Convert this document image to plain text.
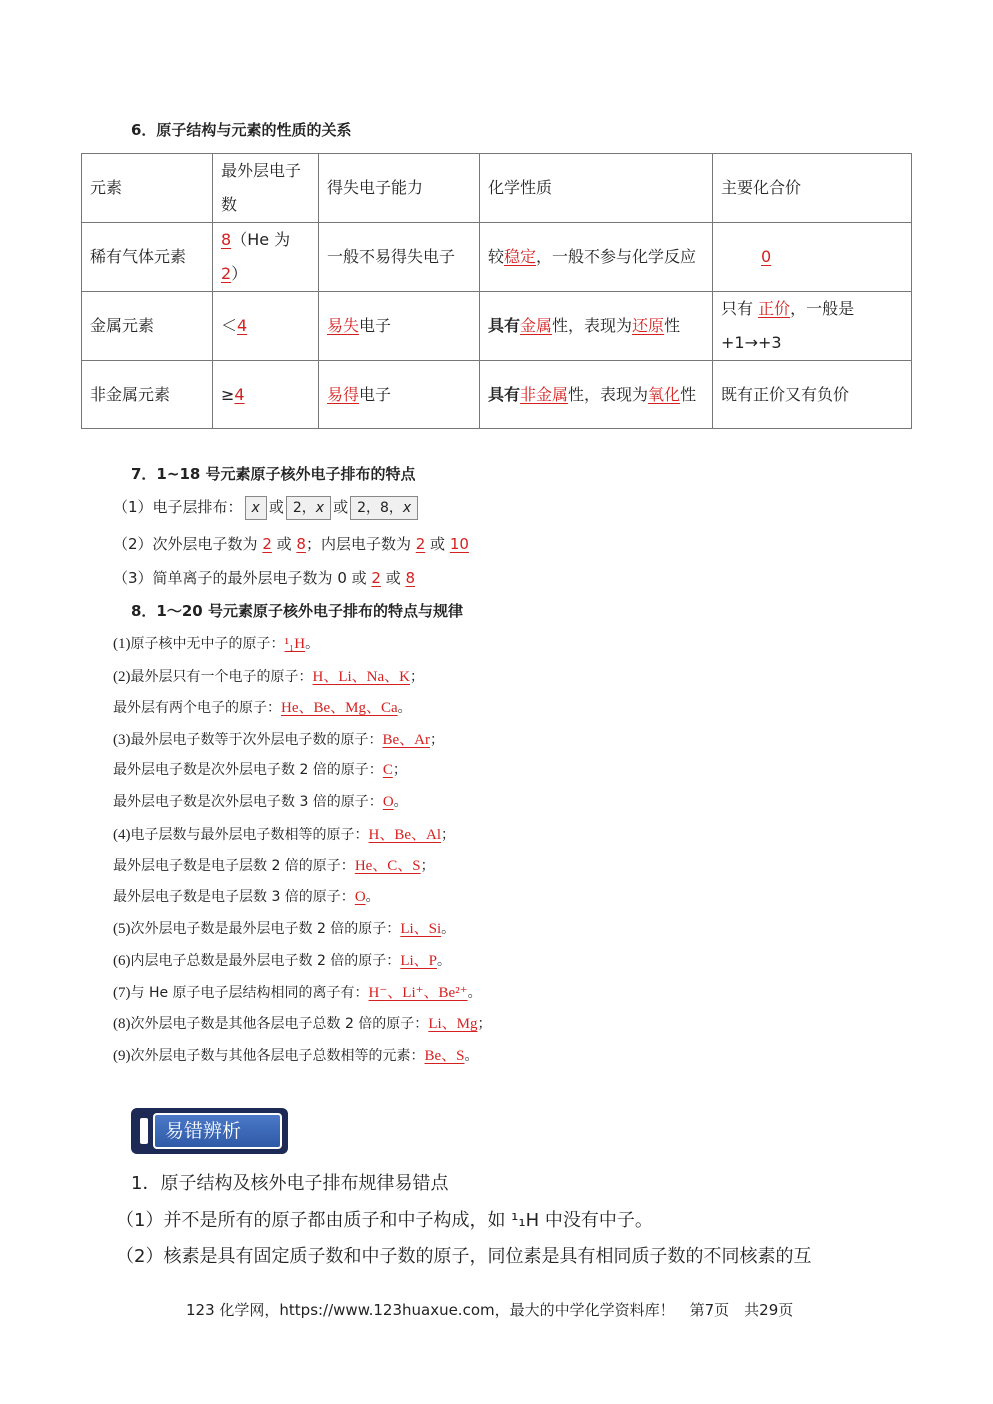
6．原子结构与元素的性质的关系
元素	最外层电子数	得失电子能力	化学性质	主要化合价
稀有气体元素	8（He 为 2）	一般不易得失电子	较稳定，一般不参与化学反应	0
金属元素	＜4	易失电子	具有金属性，表现为还原性	只有 正价，一般是+1→+3
非金属元素	≥4	易得电子	具有非金属性，表现为氧化性	既有正价又有负价
7．1~18 号元素原子核外电子排布的特点
（1）电子层排布： x 或 2，x 或 2，8，x
（2）次外层电子数为 2 或 8；内层电子数为 2 或 10
（3）简单离子的最外层电子数为 0 或 2 或 8
8．1～20 号元素原子核外电子排布的特点与规律
(1)原子核中无中子的原子：¹₁H。
(2)最外层只有一个电子的原子：H、Li、Na、K；
最外层有两个电子的原子：He、Be、Mg、Ca。
(3)最外层电子数等于次外层电子数的原子：Be、Ar；
最外层电子数是次外层电子数 2 倍的原子：C；
最外层电子数是次外层电子数 3 倍的原子：O。
(4)电子层数与最外层电子数相等的原子：H、Be、Al；
最外层电子数是电子层数 2 倍的原子：He、C、S；
最外层电子数是电子层数 3 倍的原子：O。
(5)次外层电子数是最外层电子数 2 倍的原子：Li、Si。
(6)内层电子总数是最外层电子数 2 倍的原子：Li、P。
(7)与 He 原子电子层结构相同的离子有：H⁻、Li⁺、Be²⁺。
(8)次外层电子数是其他各层电子总数 2 倍的原子：Li、Mg；
(9)次外层电子数与其他各层电子总数相等的元素：Be、S。
易错辨析
1．原子结构及核外电子排布规律易错点
（1）并不是所有的原子都由质子和中子构成，如 ¹₁H 中没有中子。
（2）核素是具有固定质子数和中子数的原子，同位素是具有相同质子数的不同核素的互
123 化学网，https://www.123huaxue.com，最大的中学化学资料库！　第7页　共29页
